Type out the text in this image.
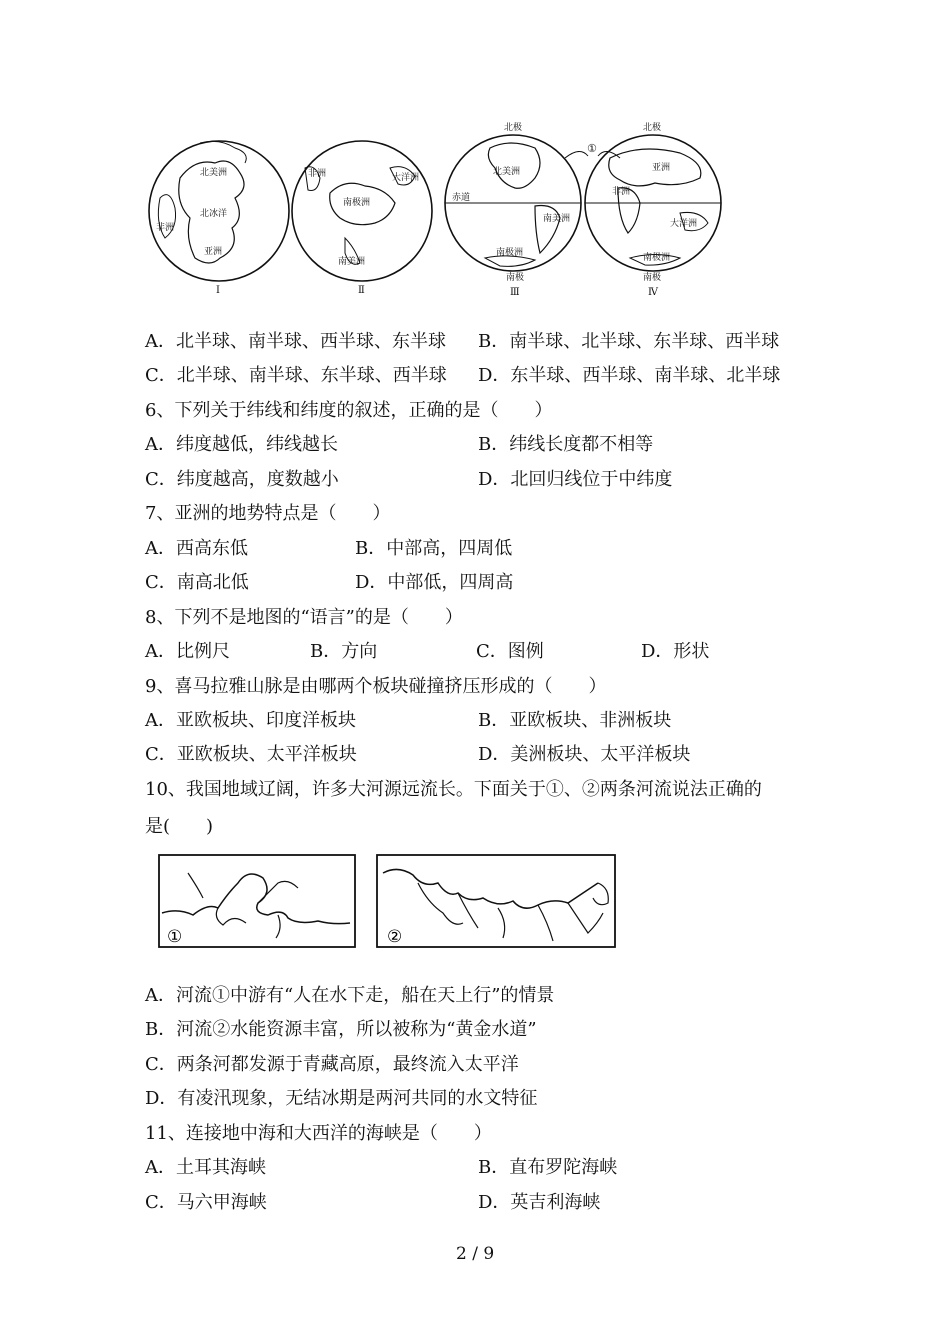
北美洲
北冰洋
非洲
亚洲
Ⅰ
非洲	大洋洲
南极洲
南美洲
Ⅱ
北极
北美洲
赤道
南美洲
南极洲
南极
Ⅲ
①
北极
亚洲
非洲
大洋洲
南极洲
南极
Ⅳ
A．北半球、南半球、西半球、东半球 B．南半球、北半球、东半球、西半球
C．北半球、南半球、东半球、西半球 D．东半球、西半球、南半球、北半球
6、下列关于纬线和纬度的叙述，正确的是（　　）
A．纬度越低，纬线越长	B．纬线长度都不相等
C．纬度越高，度数越小	D．北回归线位于中纬度
7、亚洲的地势特点是（　　）
A．西高东低	B．中部高，四周低
C．南高北低	D．中部低，四周高
8、下列不是地图的“语言”的是（　　）
A．比例尺	B．方向	C．图例	D．形状
9、喜马拉雅山脉是由哪两个板块碰撞挤压形成的（　　）
A．亚欧板块、印度洋板块	B．亚欧板块、非洲板块
C．亚欧板块、太平洋板块	D．美洲板块、太平洋板块
10、我国地域辽阔，许多大河源远流长。下面关于①、②两条河流说法正确的
是(　　)
①	②
A．河流①中游有“人在水下走，船在天上行”的情景
B．河流②水能资源丰富，所以被称为“黄金水道”
C．两条河都发源于青藏高原，最终流入太平洋
D．有凌汛现象，无结冰期是两河共同的水文特征
11、连接地中海和大西洋的海峡是（　　）
A．土耳其海峡	B．直布罗陀海峡
C．马六甲海峡	D．英吉利海峡
2 / 9
